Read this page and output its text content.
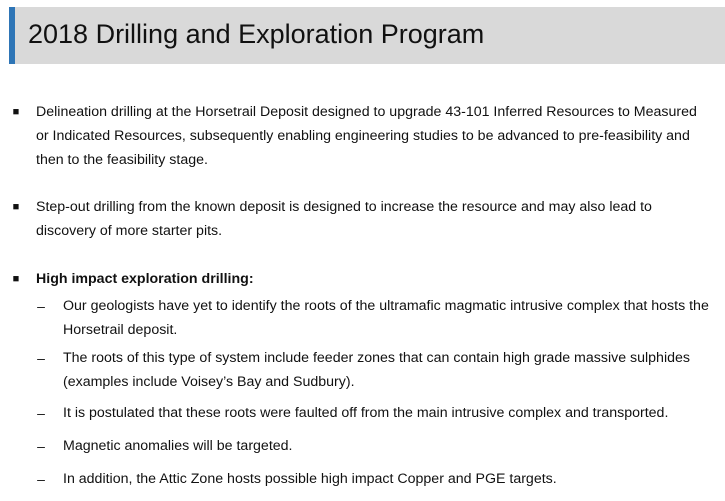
2018 Drilling and Exploration Program
■	Delineation drilling at the Horsetrail Deposit designed to upgrade 43-101 Inferred Resources to Measured or Indicated Resources, subsequently enabling engineering studies to be advanced to pre-feasibility and then to the feasibility stage.
■	Step-out drilling from the known deposit is designed to increase the resource and may also lead to discovery of more starter pits.
■	High impact exploration drilling:
– Our geologists have yet to identify the roots of the ultramafic magmatic intrusive complex that hosts the Horsetrail deposit.
– The roots of this type of system include feeder zones that can contain high grade massive sulphides (examples include Voisey’s Bay and Sudbury).
– It is postulated that these roots were faulted off from the main intrusive complex and transported.
– Magnetic anomalies will be targeted.
– In addition, the Attic Zone hosts possible high impact Copper and PGE targets.
